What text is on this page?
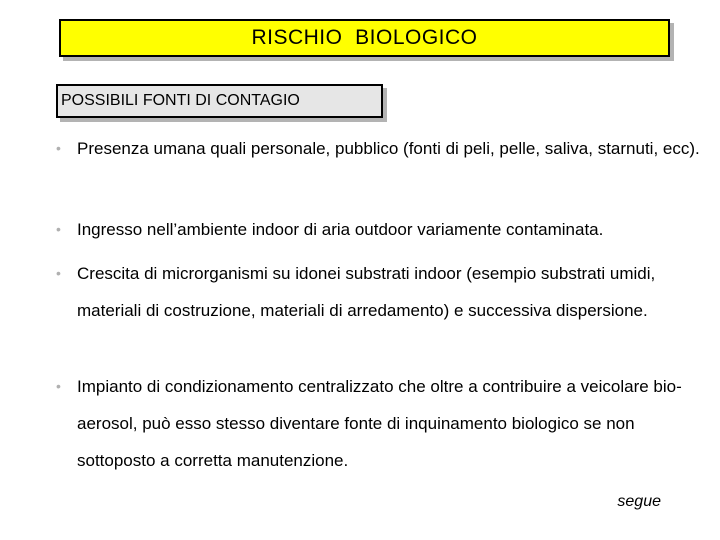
RISCHIO  BIOLOGICO
POSSIBILI FONTI DI CONTAGIO
• Presenza umana quali personale, pubblico (fonti di peli, pelle, saliva, starnuti, ecc).
• Ingresso nell’ambiente indoor di aria outdoor variamente contaminata.
• Crescita di microrganismi su idonei substrati indoor (esempio substrati umidi, materiali di costruzione, materiali di arredamento) e successiva dispersione.
• Impianto di condizionamento centralizzato che oltre a contribuire a veicolare bio-aerosol, può esso stesso diventare fonte di inquinamento biologico se non sottoposto a corretta manutenzione.
segue
